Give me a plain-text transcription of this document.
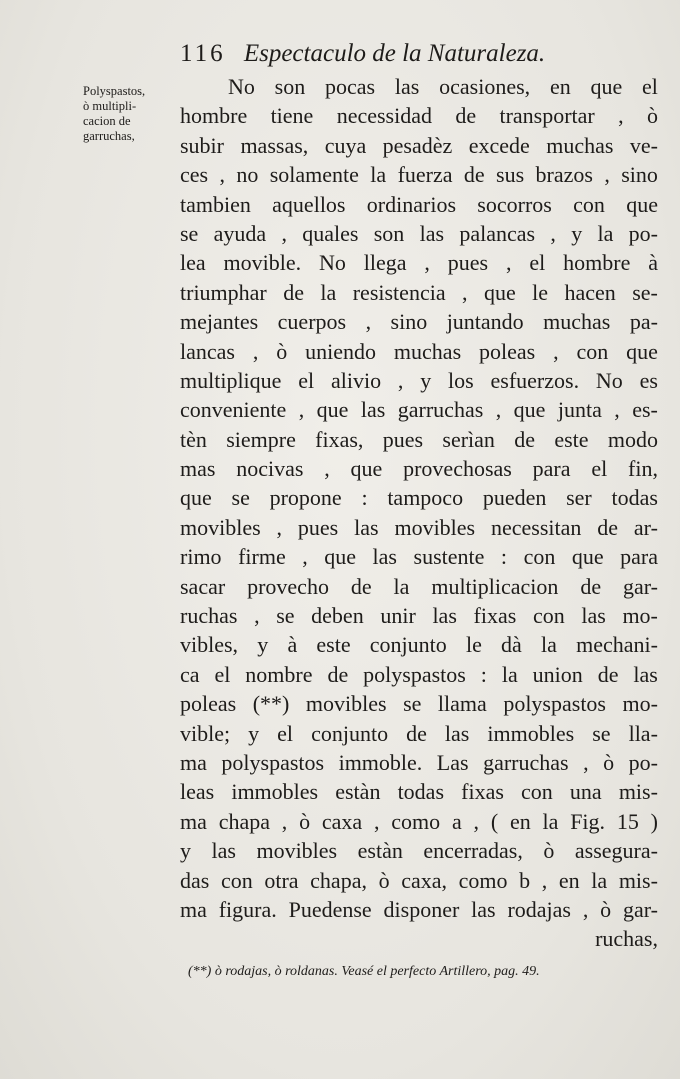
116 Espectaculo de la Naturaleza.
Polyspastos,
ò multipli-
cacion de
garruchas,
No son pocas las ocasiones, en que el
hombre tiene necessidad de transportar , ò
subir massas, cuya pesadèz excede muchas ve-
ces , no solamente la fuerza de sus brazos , sino
tambien aquellos ordinarios socorros con que
se ayuda , quales son las palancas , y la po-
lea movible. No llega , pues , el hombre à
triumphar de la resistencia , que le hacen se-
mejantes cuerpos , sino juntando muchas pa-
lancas , ò uniendo muchas poleas , con que
multiplique el alivio , y los esfuerzos. No es
conveniente , que las garruchas , que junta , es-
tèn siempre fixas, pues serìan de este modo
mas nocivas , que provechosas para el fin,
que se propone : tampoco pueden ser todas
movibles , pues las movibles necessitan de ar-
rimo firme , que las sustente : con que para
sacar provecho de la multiplicacion de gar-
ruchas , se deben unir las fixas con las mo-
vibles, y à este conjunto le dà la mechani-
ca el nombre de polyspastos : la union de las
poleas (**) movibles se llama polyspastos mo-
vible; y el conjunto de las immobles se lla-
ma polyspastos immoble. Las garruchas , ò po-
leas immobles estàn todas fixas con una mis-
ma chapa , ò caxa , como a , ( en la Fig. 15 )
y las movibles estàn encerradas, ò assegura-
das con otra chapa, ò caxa, como b , en la mis-
ma figura. Puedense disponer las rodajas , ò gar-
ruchas,
(**) ò rodajas, ò roldanas. Veasé el perfecto Artillero, pag. 49.
